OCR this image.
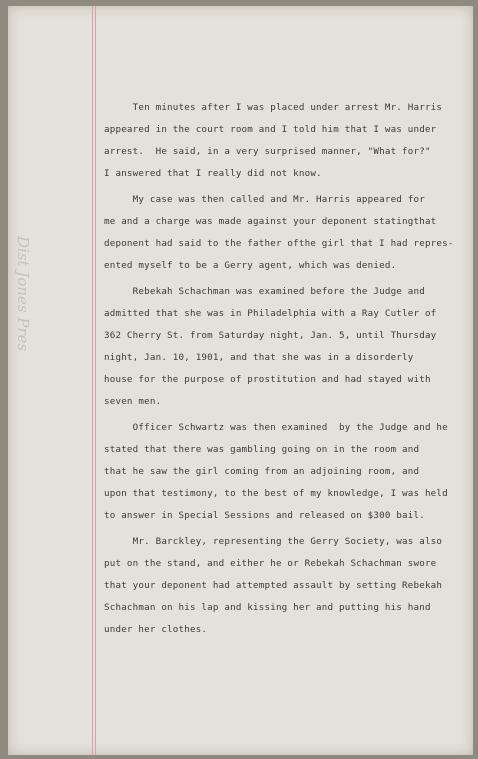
Dist Jones Pres
Ten minutes after I was placed under arrest Mr. Harris
appeared in the court room and I told him that I was under
arrest.  He said, in a very surprised manner, "What for?"
I answered that I really did not know.
My case was then called and Mr. Harris appeared for
me and a charge was made against your deponent statingthat
deponent had said to the father ofthe girl that I had repres-
ented myself to be a Gerry agent, which was denied.
Rebekah Schachman was examined before the Judge and
admitted that she was in Philadelphia with a Ray Cutler of
362 Cherry St. from Saturday night, Jan. 5, until Thursday
night, Jan. 10, 1901, and that she was in a disorderly
house for the purpose of prostitution and had stayed with
seven men.
Officer Schwartz was then examined  by the Judge and he
stated that there was gambling going on in the room and
that he saw the girl coming from an adjoining room, and
upon that testimony, to the best of my knowledge, I was held
to answer in Special Sessions and released on $300 bail.
Mr. Barckley, representing the Gerry Society, was also
put on the stand, and either he or Rebekah Schachman swore
that your deponent had attempted assault by setting Rebekah
Schachman on his lap and kissing her and putting his hand
under her clothes.
